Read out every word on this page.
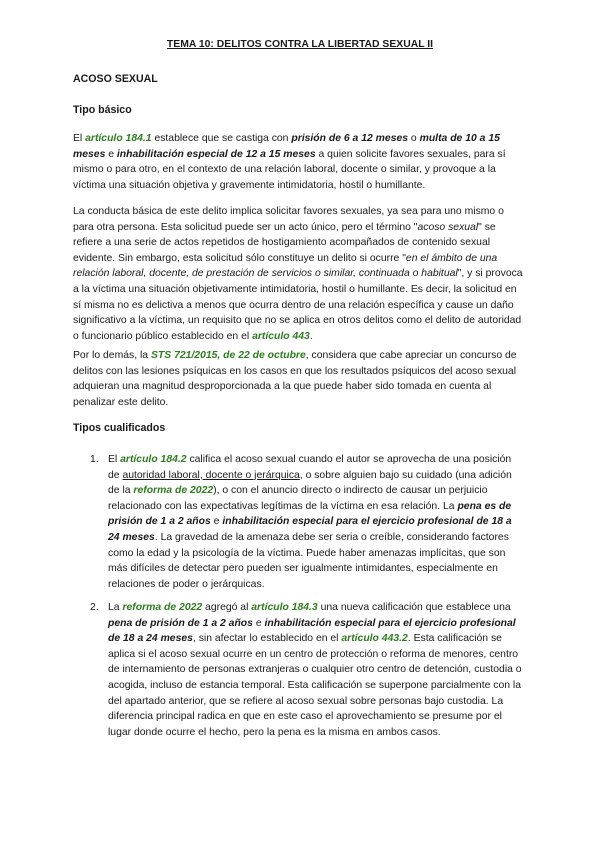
TEMA 10: DELITOS CONTRA LA LIBERTAD SEXUAL II
ACOSO SEXUAL
Tipo básico

El artículo 184.1 establece que se castiga con prisión de 6 a 12 meses o multa de 10 a 15 meses e inhabilitación especial de 12 a 15 meses a quien solicite favores sexuales, para sí mismo o para otro, en el contexto de una relación laboral, docente o similar, y provoque a la víctima una situación objetiva y gravemente intimidatoria, hostil o humillante.

La conducta básica de este delito implica solicitar favores sexuales, ya sea para uno mismo o para otra persona. Esta solicitud puede ser un acto único, pero el término "acoso sexual" se refiere a una serie de actos repetidos de hostigamiento acompañados de contenido sexual evidente. Sin embargo, esta solicitud sólo constituye un delito si ocurre "en el ámbito de una relación laboral, docente, de prestación de servicios o similar, continuada o habitual", y si provoca a la víctima una situación objetivamente intimidatoria, hostil o humillante. Es decir, la solicitud en sí misma no es delictiva a menos que ocurra dentro de una relación específica y cause un daño significativo a la víctima, un requisito que no se aplica en otros delitos como el delito de autoridad o funcionario público establecido en el artículo 443.

Por lo demás, la STS 721/2015, de 22 de octubre, considera que cabe apreciar un concurso de delitos con las lesiones psíquicas en los casos en que los resultados psíquicos del acoso sexual adquieran una magnitud desproporcionada a la que puede haber sido tomada en cuenta al penalizar este delito.

Tipos cualificados
1. El artículo 184.2 califica el acoso sexual cuando el autor se aprovecha de una posición de autoridad laboral, docente o jerárquica, o sobre alguien bajo su cuidado (una adición de la reforma de 2022), o con el anuncio directo o indirecto de causar un perjuicio relacionado con las expectativas legítimas de la víctima en esa relación. La pena es de prisión de 1 a 2 años e inhabilitación especial para el ejercicio profesional de 18 a 24 meses. La gravedad de la amenaza debe ser seria o creíble, considerando factores como la edad y la psicología de la víctima. Puede haber amenazas implícitas, que son más difíciles de detectar pero pueden ser igualmente intimidantes, especialmente en relaciones de poder o jerárquicas.

2. La reforma de 2022 agregó al artículo 184.3 una nueva calificación que establece una pena de prisión de 1 a 2 años e inhabilitación especial para el ejercicio profesional de 18 a 24 meses, sin afectar lo establecido en el artículo 443.2. Esta calificación se aplica si el acoso sexual ocurre en un centro de protección o reforma de menores, centro de internamiento de personas extranjeras o cualquier otro centro de detención, custodia o acogida, incluso de estancia temporal. Esta calificación se superpone parcialmente con la del apartado anterior, que se refiere al acoso sexual sobre personas bajo custodia. La diferencia principal radica en que en este caso el aprovechamiento se presume por el lugar donde ocurre el hecho, pero la pena es la misma en ambos casos.
